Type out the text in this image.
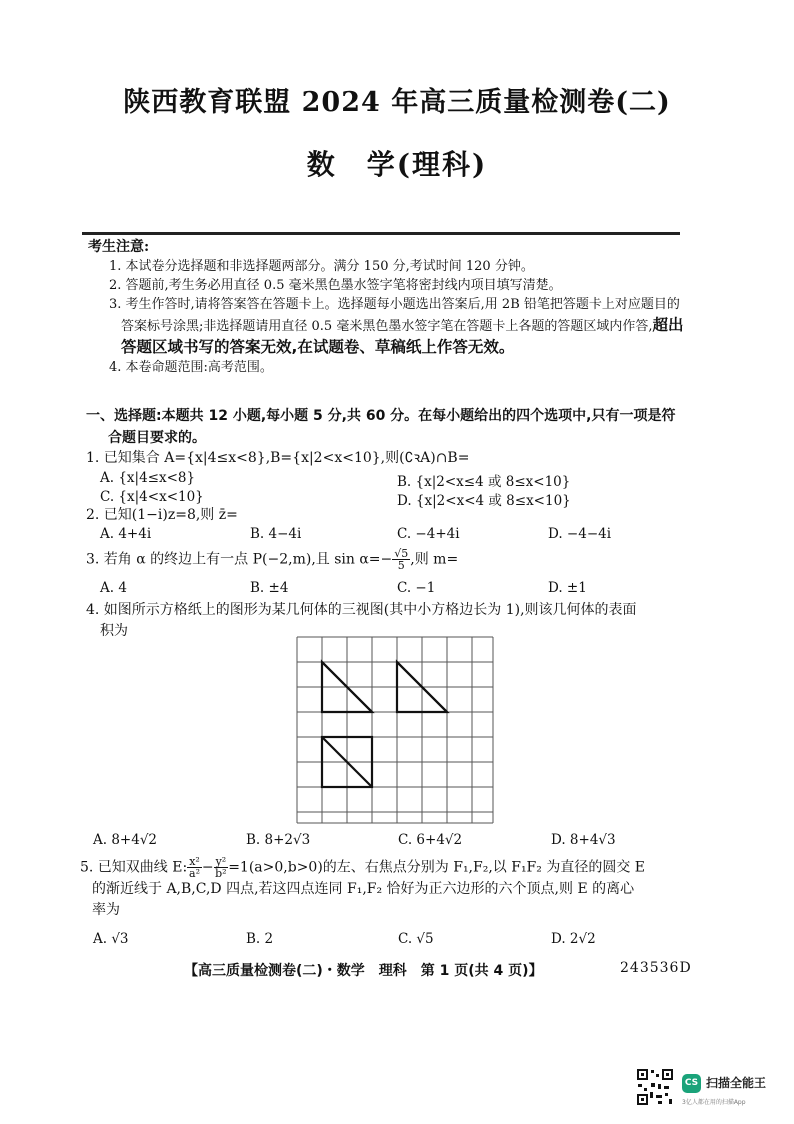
陕西教育联盟 2024 年高三质量检测卷(二)
数　学(理科)
考生注意:
1. 本试卷分选择题和非选择题两部分。满分 150 分,考试时间 120 分钟。
2. 答题前,考生务必用直径 0.5 毫米黑色墨水签字笔将密封线内项目填写清楚。
3. 考生作答时,请将答案答在答题卡上。选择题每小题选出答案后,用 2B 铅笔把答题卡上对应题目的答案标号涂黑;非选择题请用直径 0.5 毫米黑色墨水签字笔在答题卡上各题的答题区域内作答,超出答题区域书写的答案无效,在试题卷、草稿纸上作答无效。
4. 本卷命题范围:高考范围。
一、选择题:本题共 12 小题,每小题 5 分,共 60 分。在每小题给出的四个选项中,只有一项是符
合题目要求的。
1. 已知集合 A={x|4≤x<8},B={x|2<x<10},则(∁ꝛA)∩B=
A. {x|4≤x<8}	B. {x|2<x≤4 或 8≤x<10}
C. {x|4<x<10}	D. {x|2<x<4 或 8≤x<10}
2. 已知(1−i)z=8,则 z̄=
A. 4+4i	B. 4−4i	C. −4+4i	D. −4−4i
3. 若角 α 的终边上有一点 P(−2,m),且 $\sin \alpha=- \frac{√5}{5}$ ,则 m=
A. 4	B. ±4	C. −1	D. ±1
4. 如图所示方格纸上的图形为某几何体的三视图(其中小方格边长为 1),则该几何体的表面
积为
A. 8+4√2	B. 8+2√3	C. 6+4√2	D. 8+4√3
5. 已知双曲线 E: $\frac{\text{x²}}{\text{a²}} - \frac{\text{y²}}{\text{b²}} =1(a>0,b>0)$的左、右焦点分别为 F₁,F₂,以 F₁F₂ 为直径的圆交 E
的渐近线于 A,B,C,D 四点,若这四点连同 F₁,F₂ 恰好为正六边形的六个顶点,则 E 的离心
率为
A. √3	B. 2	C. √5	D. 2√2
【高三质量检测卷(二)・数学　理科　第 1 页(共 4 页)】	243536D
CS 扫描全能王
3亿人都在用的扫描App
